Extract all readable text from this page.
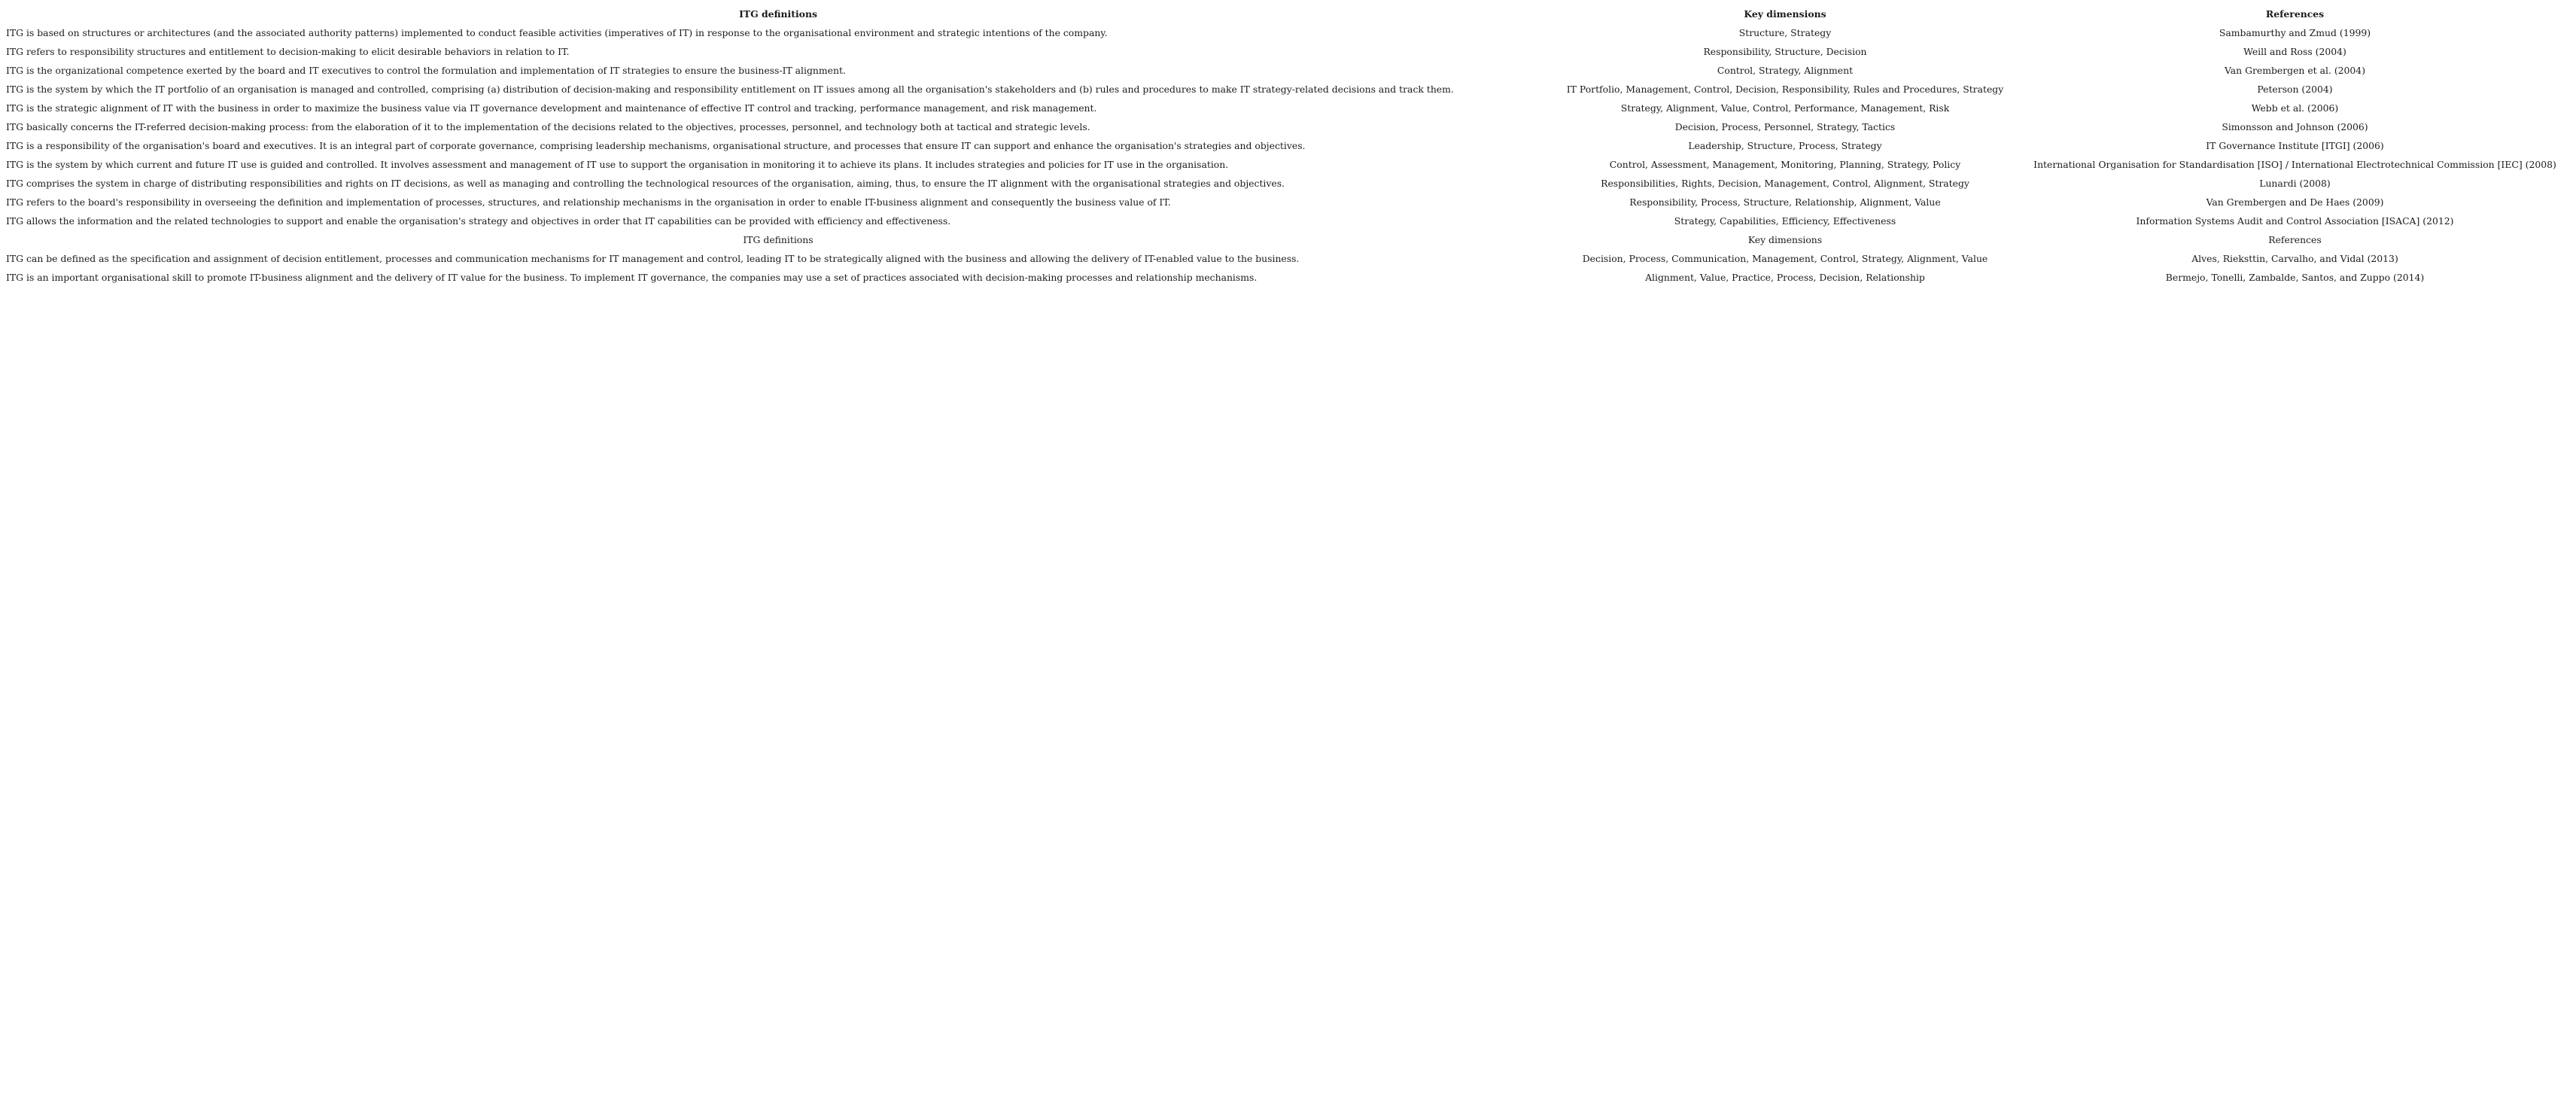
ITG definitions	Key dimensions	References
ITG is based on structures or architectures (and the associated authority patterns) implemented to conduct feasible activities (imperatives of IT) in response to the organisational environment and strategic intentions of the company.	Structure, Strategy	Sambamurthy and Zmud (1999)
ITG refers to responsibility structures and entitlement to decision-making to elicit desirable behaviors in relation to IT.	Responsibility, Structure, Decision	Weill and Ross (2004)
ITG is the organizational competence exerted by the board and IT executives to control the formulation and implementation of IT strategies to ensure the business-IT alignment.	Control, Strategy, Alignment	Van Grembergen et al. (2004)
ITG is the system by which the IT portfolio of an organisation is managed and controlled, comprising (a) distribution of decision-making and responsibility entitlement on IT issues among all the organisation's stakeholders and (b) rules and procedures to make IT strategy-related decisions and track them.	IT Portfolio, Management, Control, Decision, Responsibility, Rules and Procedures, Strategy	Peterson (2004)
ITG is the strategic alignment of IT with the business in order to maximize the business value via IT governance development and maintenance of effective IT control and tracking, performance management, and risk management.	Strategy, Alignment, Value, Control, Performance, Management, Risk	Webb et al. (2006)
ITG basically concerns the IT-referred decision-making process: from the elaboration of it to the implementation of the decisions related to the objectives, processes, personnel, and technology both at tactical and strategic levels.	Decision, Process, Personnel, Strategy, Tactics	Simonsson and Johnson (2006)
ITG is a responsibility of the organisation's board and executives. It is an integral part of corporate governance, comprising leadership mechanisms, organisational structure, and processes that ensure IT can support and enhance the organisation's strategies and objectives.	Leadership, Structure, Process, Strategy	IT Governance Institute [ITGI] (2006)
ITG is the system by which current and future IT use is guided and controlled. It involves assessment and management of IT use to support the organisation in monitoring it to achieve its plans. It includes strategies and policies for IT use in the organisation.	Control, Assessment, Management, Monitoring, Planning, Strategy, Policy	International Organisation for Standardisation [ISO] / International Electrotechnical Commission [IEC] (2008)
ITG comprises the system in charge of distributing responsibilities and rights on IT decisions, as well as managing and controlling the technological resources of the organisation, aiming, thus, to ensure the IT alignment with the organisational strategies and objectives.	Responsibilities, Rights, Decision, Management, Control, Alignment, Strategy	Lunardi (2008)
ITG refers to the board's responsibility in overseeing the definition and implementation of processes, structures, and relationship mechanisms in the organisation in order to enable IT-business alignment and consequently the business value of IT.	Responsibility, Process, Structure, Relationship, Alignment, Value	Van Grembergen and De Haes (2009)
ITG allows the information and the related technologies to support and enable the organisation's strategy and objectives in order that IT capabilities can be provided with efficiency and effectiveness.	Strategy, Capabilities, Efficiency, Effectiveness	Information Systems Audit and Control Association [ISACA] (2012)
ITG definitions	Key dimensions	References
ITG can be defined as the specification and assignment of decision entitlement, processes and communication mechanisms for IT management and control, leading IT to be strategically aligned with the business and allowing the delivery of IT-enabled value to the business.	Decision, Process, Communication, Management, Control, Strategy, Alignment, Value	Alves, Rieksttin, Carvalho, and Vidal (2013)
ITG is an important organisational skill to promote IT-business alignment and the delivery of IT value for the business. To implement IT governance, the companies may use a set of practices associated with decision-making processes and relationship mechanisms.	Alignment, Value, Practice, Process, Decision, Relationship	Bermejo, Tonelli, Zambalde, Santos, and Zuppo (2014)
